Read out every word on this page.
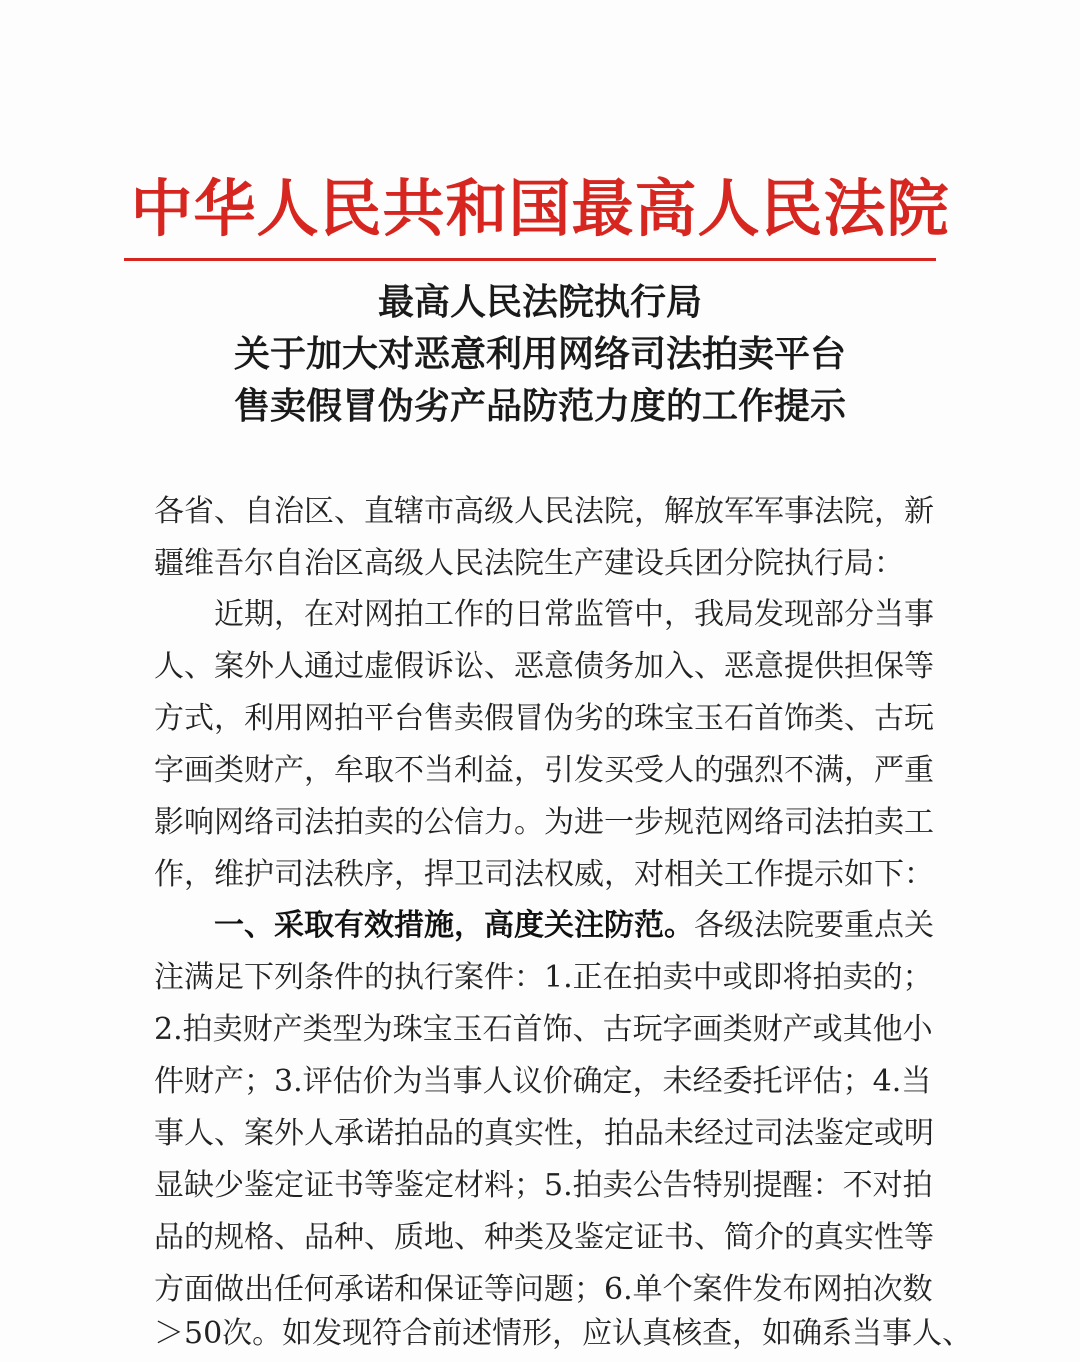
中华人民共和国最高人民法院
最高人民法院执行局
关于加大对恶意利用网络司法拍卖平台
售卖假冒伪劣产品防范力度的工作提示
各省、自治区、直辖市高级人民法院，解放军军事法院，新
疆维吾尔自治区高级人民法院生产建设兵团分院执行局：
　　近期，在对网拍工作的日常监管中，我局发现部分当事
人、案外人通过虚假诉讼、恶意债务加入、恶意提供担保等
方式，利用网拍平台售卖假冒伪劣的珠宝玉石首饰类、古玩
字画类财产，牟取不当利益，引发买受人的强烈不满，严重
影响网络司法拍卖的公信力。为进一步规范网络司法拍卖工
作，维护司法秩序，捍卫司法权威，对相关工作提示如下：
　　一、采取有效措施，高度关注防范。各级法院要重点关
注满足下列条件的执行案件：1.正在拍卖中或即将拍卖的；
2.拍卖财产类型为珠宝玉石首饰、古玩字画类财产或其他小
件财产；3.评估价为当事人议价确定，未经委托评估；4.当
事人、案外人承诺拍品的真实性，拍品未经过司法鉴定或明
显缺少鉴定证书等鉴定材料；5.拍卖公告特别提醒：不对拍
品的规格、品种、质地、种类及鉴定证书、简介的真实性等
方面做出任何承诺和保证等问题；6.单个案件发布网拍次数
＞50次。如发现符合前述情形，应认真核查，如确系当事人、
